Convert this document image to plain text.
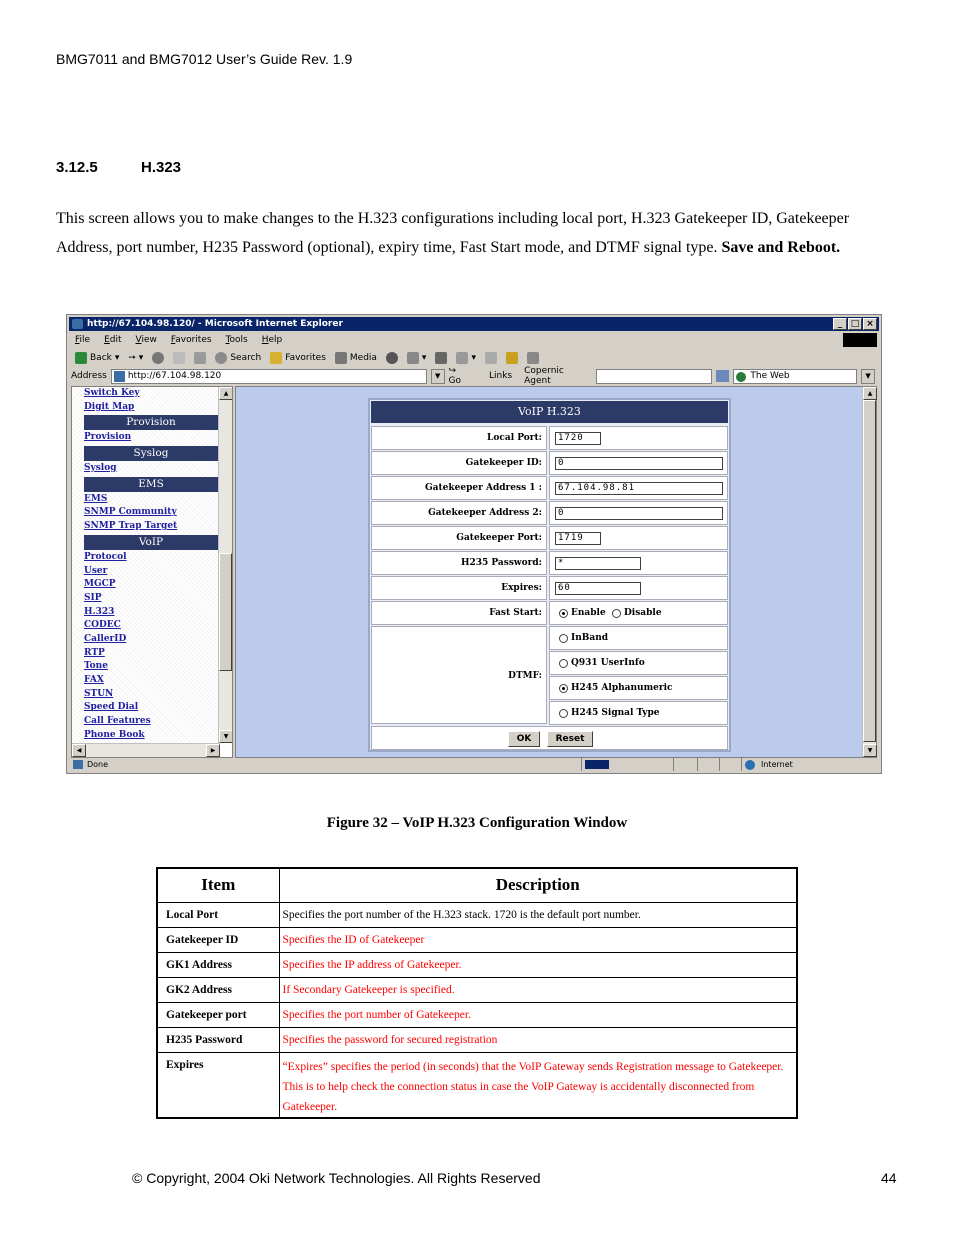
BMG7011 and BMG7012 User’s Guide Rev. 1.9
3.12.5	H.323
This screen allows you to make changes to the H.323 configurations including local port, H.323 Gatekeeper ID, Gatekeeper Address, port number, H235 Password (optional), expiry time, Fast Start mode, and DTMF signal type. Save and Reboot.
http://67.104.98.120/ - Microsoft Internet Explorer	_ □ ×
File Edit View Favorites Tools Help
Back ▾ ➙ ▾	Search	Favorites	Media	▾	▾
Address	http://67.104.98.120	▼ ↪ Go	Links Copernic Agent
The Web	▼
Switch Key
Digit Map
Provision
Provision
Syslog
Syslog
EMS
EMS
SNMP Community
SNMP Trap Target
VoIP
Protocol
User
MGCP
SIP
H.323
CODEC
CallerID
RTP
Tone
FAX
STUN
Speed Dial
Call Features
Phone Book
▲
▼
◀	▶
VoIP H.323
Local Port:	1720
Gatekeeper ID:	0
Gatekeeper Address 1 :	67.104.98.81
Gatekeeper Address 2:	0
Gatekeeper Port:	1719
H235 Password:	*
Expires:	60
Fast Start:	Enable Disable
DTMF:
InBand
Q931 UserInfo
H245 Alphanumeric
H245 Signal Type
OK	Reset
▲
▼
Done	Internet
Figure 32 – VoIP H.323 Configuration Window
Item	Description
Local Port	Specifies the port number of the H.323 stack. 1720 is the default port number.
Gatekeeper ID	Specifies the ID of Gatekeeper
GK1 Address	Specifies the IP address of Gatekeeper.
GK2 Address	If Secondary Gatekeeper is specified.
Gatekeeper port	Specifies the port number of Gatekeeper.
H235 Password	Specifies the password for secured registration
Expires	“Expires” specifies the period (in seconds) that the VoIP Gateway sends Registration message to Gatekeeper. This is to help check the connection status in case the VoIP Gateway is accidentally disconnected from Gatekeeper.
© Copyright, 2004 Oki Network Technologies. All Rights Reserved	44
